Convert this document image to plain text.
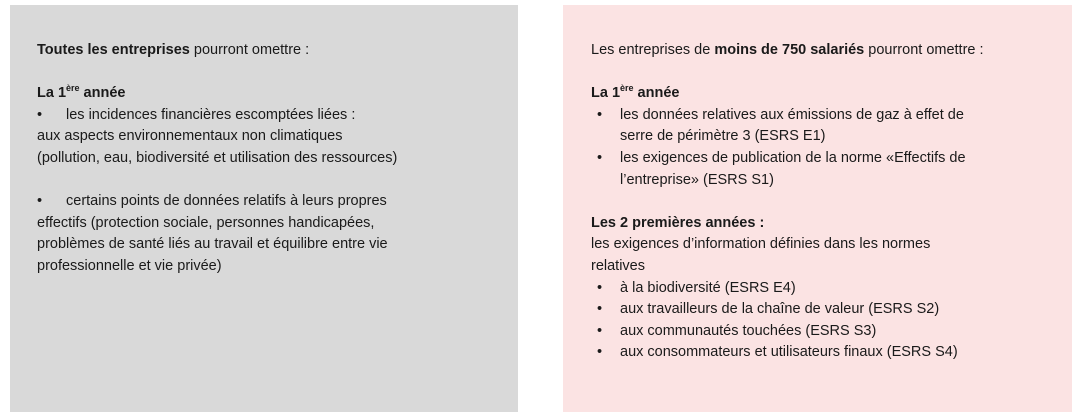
Toutes les entreprises pourront omettre :
La 1ère année
• les incidences financières escomptées liées :
aux aspects environnementaux non climatiques
(pollution, eau, biodiversité et utilisation des ressources)
• certains points de données relatifs à leurs propres
effectifs (protection sociale, personnes handicapées,
problèmes de santé liés au travail et équilibre entre vie
professionnelle et vie privée)
Les entreprises de moins de 750 salariés pourront omettre :
La 1ère année
• les données relatives aux émissions de gaz à effet de
serre de périmètre 3 (ESRS E1)
• les exigences de publication de la norme «Effectifs de
l’entreprise» (ESRS S1)
Les 2 premières années :
les exigences d’information définies dans les normes
relatives
• à la biodiversité (ESRS E4)
• aux travailleurs de la chaîne de valeur (ESRS S2)
• aux communautés touchées (ESRS S3)
• aux consommateurs et utilisateurs finaux (ESRS S4)
